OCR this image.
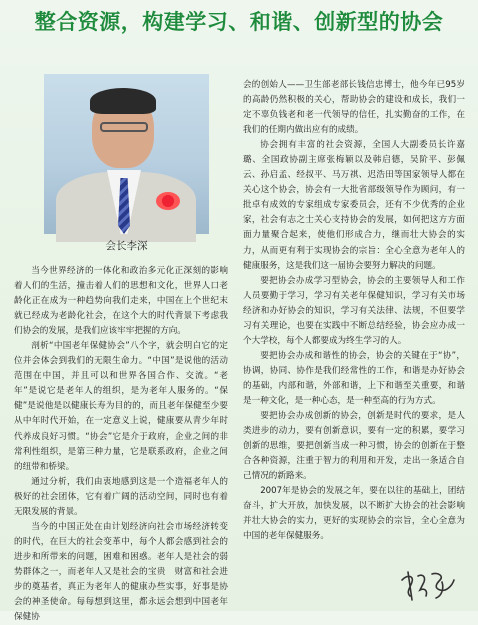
整合资源，构建学习、和谐、创新型的协会
会长李深

当今世界经济的一体化和政治多元化正深刻的影响着人们的生活，撞击着人们的思想和文化，世界人口老龄化正在成为一种趋势向我们走来，中国在上个世纪末就已经成为老龄化社会，在这个大的时代背景下考虑我们协会的发展，是我们应该牢牢把握的方向。

剖析“中国老年保健协会”八个字，就会明白它的定位并会体会到我们的无限生命力。“中国”是说他的活动范围在中国，并且可以和世界各国合作、交流。“老年”是说它是老年人的组织，是为老年人服务的。“保健”是说他是以健康长寿为目的的，而且老年保健至少要从中年时代开始，在一定意义上说，健康要从青少年时代养成良好习惯。“协会”它是介于政府，企业之间的非常利性组织，是第三种力量，它是联系政府，企业之间的纽带和桥梁。

通过分析，我们由衷地感到这是一个造福老年人的极好的社会团体，它有着广阔的活动空间，同时也有着无限发展的背景。

当今的中国正处在由计划经济向社会市场经济转变的时代，在巨大的社会变革中，每个人都会感到社会的进步和所带来的问题，困难和困惑。老年人是社会的弱势群体之一，而老年人又是社会的宝贵　财富和社会进步的奠基者，真正为老年人的健康办些实事，好事是协会的神圣使命。每每想到这里，都永远会想到中国老年保健协

会的创始人——卫生部老部长钱信忠博士，他今年已95岁的高龄仍然积极的关心，帮助协会的建设和成长，我们一定不辜负钱老和老一代领导的信任，扎实勤奋的工作，在我们的任期内做出应有的成绩。

协会拥有丰富的社会资源，全国人大副委员长许嘉璐、全国政协副主席张梅颖以及韩启德，吴阶平、彭佩云、孙启孟、经叔平、马万祺、迟浩田等国家领导人都在关心这个协会，协会有一大批省部级领导作为顾问，有一批卓有成效的专家组成专家委员会，还有不少优秀的企业家，社会有志之士关心支持协会的发展，如何把这方方面面力量聚合起来，使他们形成合力，继而壮大协会的实力，从而更有利于实现协会的宗旨：全心全意为老年人的健康服务，这是我们这一届协会要努力解决的问题。

要把协会办成学习型协会，协会的主要领导人和工作人员要勤于学习，学习有关老年保健知识，学习有关市场经济和办好协会的知识，学习有关法律、法规，不但要学习有关理论，也要在实践中不断总结经验，协会应办成一个大学校，每个人都要成为终生学习的人。

要把协会办成和谐性的协会，协会的关键在于“协”，协调，协同、协作是我们经常性的工作，和谐是办好协会的基础，内部和谐，外部和谐，上下和谐至关重要，和谐是一种文化，是一种心态，是一种至高的行为方式。

要把协会办成创新的协会，创新是时代的要求，是人类进步的动力，要有创新意识，要有一定的积累，要学习创新的思维，要把创新当成一种习惯，协会的创新在于整合各种资源，注重于智力的利用和开发，走出一条适合自己情况的新路来。

2007年是协会的发展之年，要在以往的基础上，团结奋斗，扩大开放，加快发展，以不断扩大协会的社会影响并壮大协会的实力，更好的实现协会的宗旨，全心全意为中国的老年保健服务。
